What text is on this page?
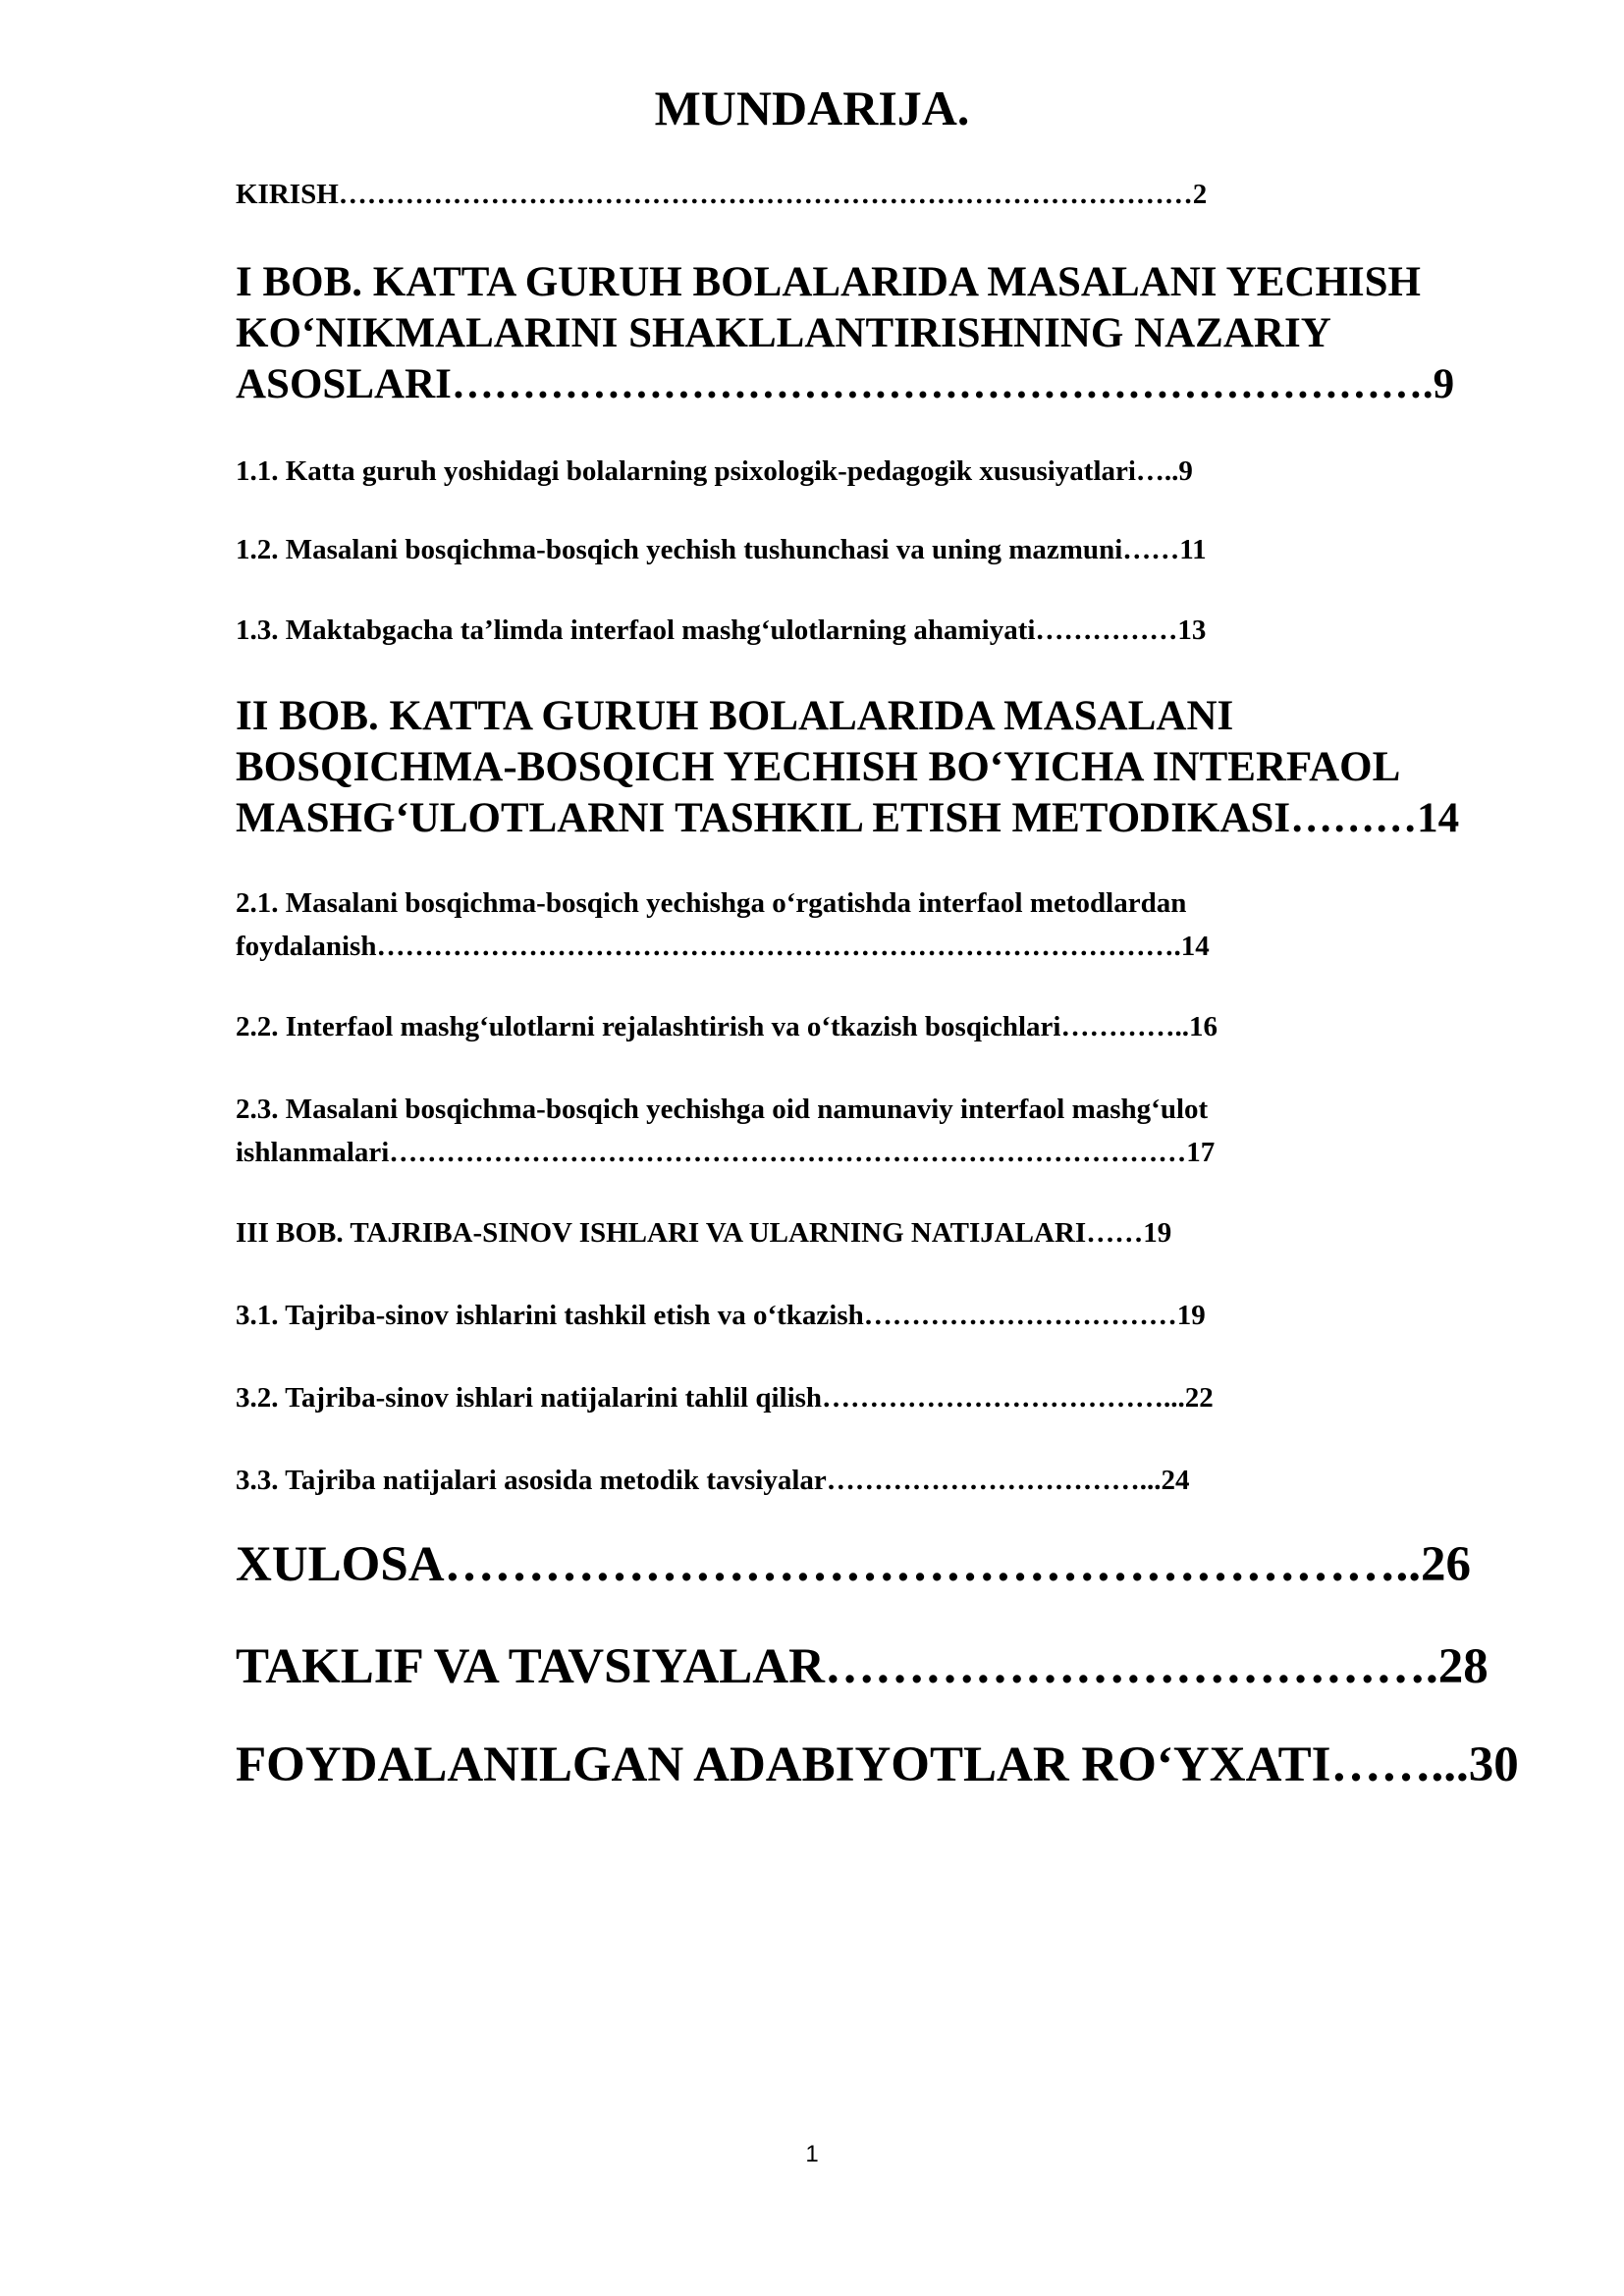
MUNDARIJA.

KIRISH………………………………………………………………………………2

I BOB. KATTA GURUH BOLALARIDA MASALANI YECHISH
KO‘NIKMALARINI SHAKLLANTIRISHNING NAZARIY
ASOSLARI…………………………………………………………….9

1.1. Katta guruh yoshidagi bolalarning psixologik-pedagogik xususiyatlari…..9

1.2. Masalani bosqichma-bosqich yechish tushunchasi va uning mazmuni……11

1.3. Maktabgacha ta’limda interfaol mashg‘ulotlarning ahamiyati……………13

II BOB. KATTA GURUH BOLALARIDA MASALANI
BOSQICHMA-BOSQICH YECHISH BO‘YICHA INTERFAOL
MASHG‘ULOTLARNI TASHKIL ETISH METODIKASI………14
2.1. Masalani bosqichma-bosqich yechishga o‘rgatishda interfaol metodlardan
foydalanish………………………………………………………………………….14

2.2. Interfaol mashg‘ulotlarni rejalashtirish va o‘tkazish bosqichlari…………..16

2.3. Masalani bosqichma-bosqich yechishga oid namunaviy interfaol mashg‘ulot
ishlanmalari…………………………………………………………………………17

III BOB. TAJRIBA-SINOV ISHLARI VA ULARNING NATIJALARI……19

3.1. Tajriba-sinov ishlarini tashkil etish va o‘tkazish……………………………19

3.2. Tajriba-sinov ishlari natijalarini tahlil qilish………………………………...22

3.3. Tajriba natijalari asosida metodik tavsiyalar……………………………...24

XULOSA…………………………………………………..26

TAKLIF VA TAVSIYALAR……………………………….28

FOYDALANILGAN ADABIYOTLAR RO‘YXATI……...30

1
